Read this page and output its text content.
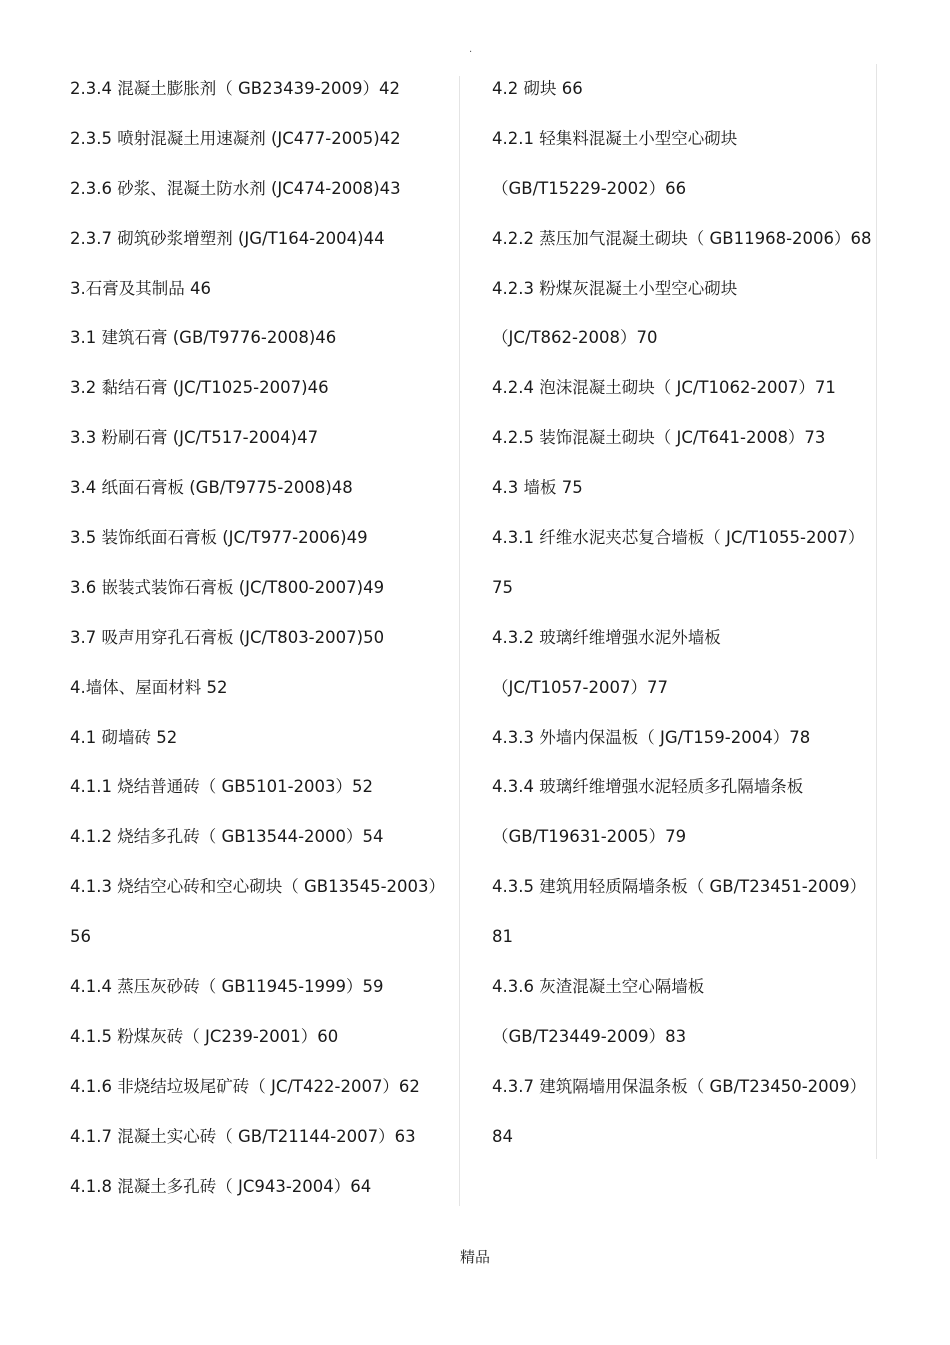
.
2.3.4 混凝土膨胀剂（ GB23439-2009）42
2.3.5 喷射混凝土用速凝剂 (JC477-2005)42
2.3.6 砂浆、混凝土防水剂 (JC474-2008)43
2.3.7 砌筑砂浆增塑剂 (JG/T164-2004)44
3.石膏及其制品 46
3.1 建筑石膏 (GB/T9776-2008)46
3.2 黏结石膏 (JC/T1025-2007)46
3.3 粉刷石膏 (JC/T517-2004)47
3.4 纸面石膏板 (GB/T9775-2008)48
3.5 装饰纸面石膏板 (JC/T977-2006)49
3.6 嵌装式装饰石膏板 (JC/T800-2007)49
3.7 吸声用穿孔石膏板 (JC/T803-2007)50
4.墙体、屋面材料 52
4.1 砌墙砖 52
4.1.1 烧结普通砖（ GB5101-2003）52
4.1.2 烧结多孔砖（ GB13544-2000）54
4.1.3 烧结空心砖和空心砌块（ GB13545-2003）
56
4.1.4 蒸压灰砂砖（ GB11945-1999）59
4.1.5 粉煤灰砖（ JC239-2001）60
4.1.6 非烧结垃圾尾矿砖（ JC/T422-2007）62
4.1.7 混凝土实心砖（ GB/T21144-2007）63
4.1.8 混凝土多孔砖（ JC943-2004）64
4.2 砌块 66
4.2.1 轻集料混凝土小型空心砌块
（GB/T15229-2002）66
4.2.2 蒸压加气混凝土砌块（ GB11968-2006）68
4.2.3 粉煤灰混凝土小型空心砌块
（JC/T862-2008）70
4.2.4 泡沫混凝土砌块（ JC/T1062-2007）71
4.2.5 装饰混凝土砌块（ JC/T641-2008）73
4.3 墙板 75
4.3.1 纤维水泥夹芯复合墙板（ JC/T1055-2007）
75
4.3.2 玻璃纤维增强水泥外墙板
（JC/T1057-2007）77
4.3.3 外墙内保温板（ JG/T159-2004）78
4.3.4 玻璃纤维增强水泥轻质多孔隔墙条板
（GB/T19631-2005）79
4.3.5 建筑用轻质隔墙条板（ GB/T23451-2009）
81
4.3.6 灰渣混凝土空心隔墙板
（GB/T23449-2009）83
4.3.7 建筑隔墙用保温条板（ GB/T23450-2009）
84
精品
